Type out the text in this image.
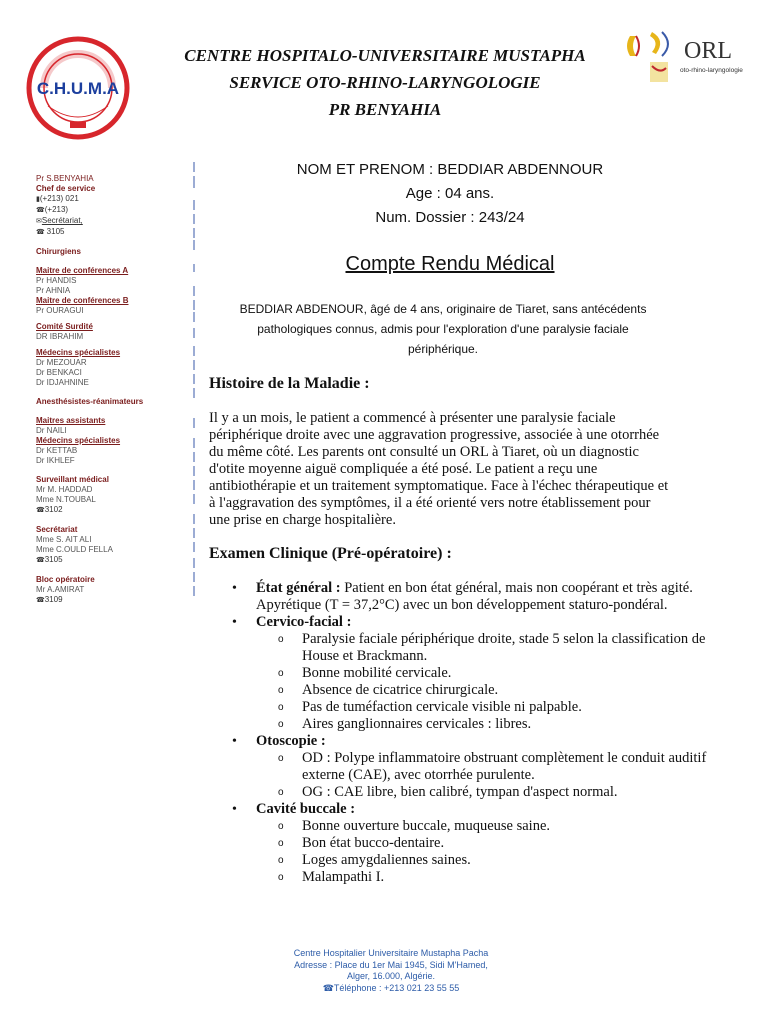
C.H.U.M.A
CENTRE HOSPITALO-UNIVERSITAIRE MUSTAPHA
SERVICE OTO-RHINO-LARYNGOLOGIE
PR BENYAHIA
ORL
oto-rhino-laryngologie
Pr S.BENYAHIA
Chef de service
▮(+213) 021
☎(+213)
✉Secrétariat,
☎ 3105
Chirurgiens
Maitre de conférences A
Pr HANDIS
Pr AHNIA
Maitre de conférences B
Pr OURAGUI
Comité Surdité
DR IBRAHIM
Médecins spécialistes
Dr MEZOUAR
Dr BENKACI
Dr IDJAHNINE
Anesthésistes-réanimateurs
Maitres assistants
Dr NAILI
Médecins spécialistes
Dr KETTAB
Dr IKHLEF
Surveillant médical
Mr M. HADDAD
Mme N.TOUBAL
☎3102
Secrétariat
Mme S. AIT ALI
Mme C.OULD FELLA
☎3105
Bloc opératoire
Mr A.AMIRAT
☎3109
NOM ET PRENOM : BEDDIAR ABDENNOUR
Age : 04 ans.
Num. Dossier : 243/24
Compte Rendu Médical
BEDDIAR ABDENOUR, âgé de 4 ans, originaire de Tiaret, sans antécédents pathologiques connus, admis pour l'exploration d'une paralysie faciale périphérique.
Histoire de la Maladie :
Il y a un mois, le patient a commencé à présenter une paralysie faciale périphérique droite avec une aggravation progressive, associée à une otorrhée du même côté. Les parents ont consulté un ORL à Tiaret, où un diagnostic d'otite moyenne aiguë compliquée a été posé. Le patient a reçu une antibiothérapie et un traitement symptomatique. Face à l'échec thérapeutique et à l'aggravation des symptômes, il a été orienté vers notre établissement pour une prise en charge hospitalière.
Examen Clinique (Pré-opératoire) :
• État général : Patient en bon état général, mais non coopérant et très agité. Apyrétique (T = 37,2°C) avec un bon développement staturo-pondéral.
• Cervico-facial :
o Paralysie faciale périphérique droite, stade 5 selon la classification de House et Brackmann.
o Bonne mobilité cervicale.
o Absence de cicatrice chirurgicale.
o Pas de tuméfaction cervicale visible ni palpable.
o Aires ganglionnaires cervicales : libres.
• Otoscopie :
o OD : Polype inflammatoire obstruant complètement le conduit auditif externe (CAE), avec otorrhée purulente.
o OG : CAE libre, bien calibré, tympan d'aspect normal.
• Cavité buccale :
o Bonne ouverture buccale, muqueuse saine.
o Bon état bucco-dentaire.
o Loges amygdaliennes saines.
o Malampathi I.
Centre Hospitalier Universitaire Mustapha Pacha
Adresse : Place du 1er Mai 1945, Sidi M'Hamed,
Alger, 16.000, Algérie.
☎Téléphone : +213 021 23 55 55
